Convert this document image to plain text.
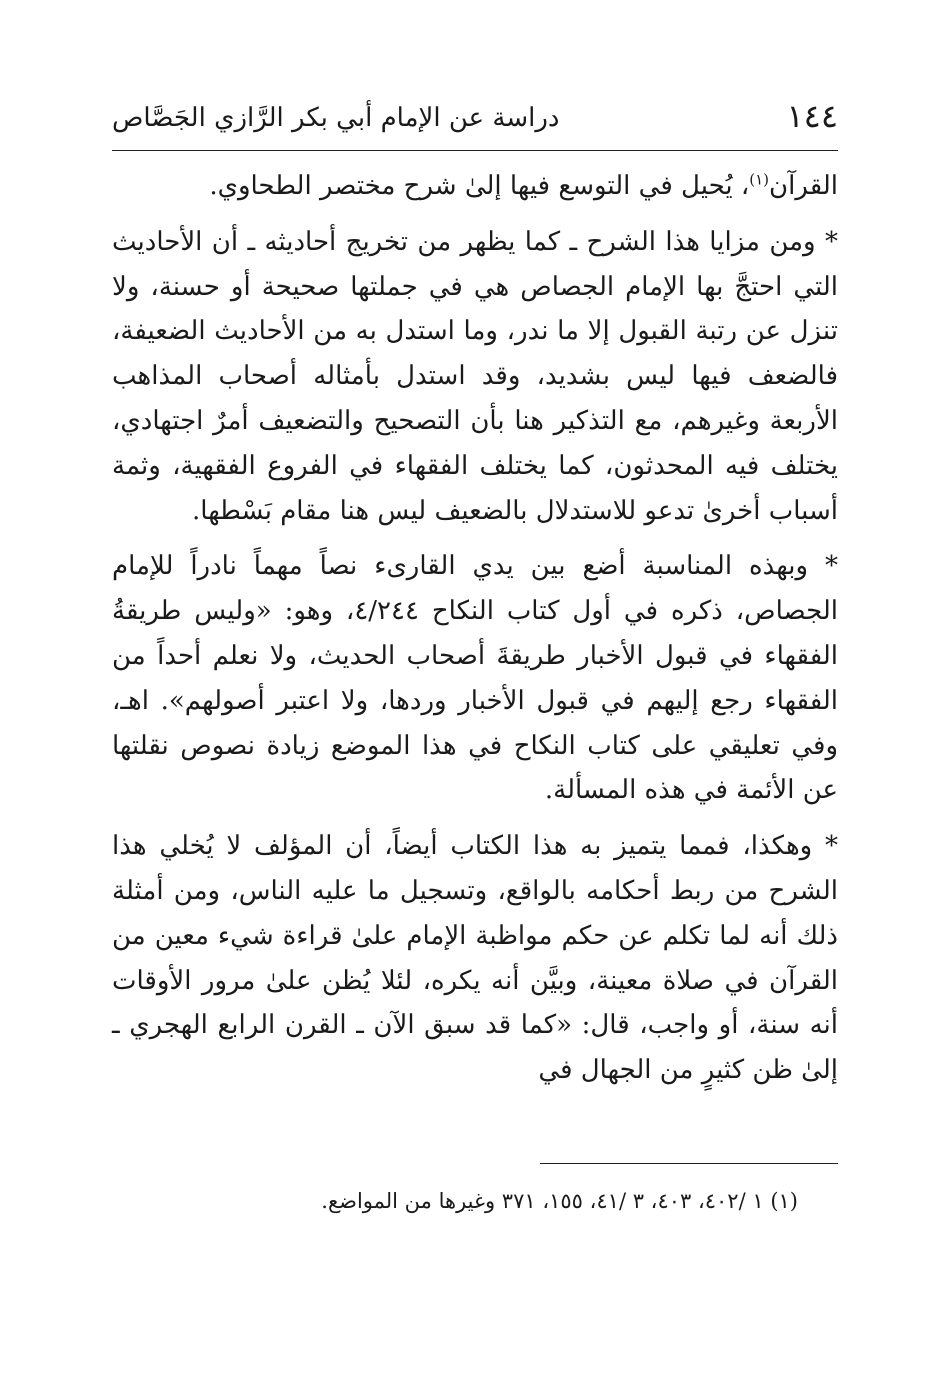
١٤٤
دراسة عن الإمام أبي بكر الرَّازي الجَصَّاص

القرآن$^{(١)}$، يُحيل في التوسع فيها إلىٰ شرح مختصر الطحاوي.

* ومن مزايا هذا الشرح ـ كما يظهر من تخريج أحاديثه ـ أن الأحاديث التي احتجَّ بها الإمام الجصاص هي في جملتها صحيحة أو حسنة، ولا تنزل عن رتبة القبول إلا ما ندر، وما استدل به من الأحاديث الضعيفة، فالضعف فيها ليس بشديد، وقد استدل بأمثاله أصحاب المذاهب الأربعة وغيرهم، مع التذكير هنا بأن التصحيح والتضعيف أمرٌ اجتهادي، يختلف فيه المحدثون، كما يختلف الفقهاء في الفروع الفقهية، وثمة أسباب أخرىٰ تدعو للاستدلال بالضعيف ليس هنا مقام بَسْطها.

* وبهذه المناسبة أضع بين يدي القارىء نصاً مهماً نادراً للإمام الجصاص، ذكره في أول كتاب النكاح ٤/٢٤٤، وهو: «وليس طريقةُ الفقهاء في قبول الأخبار طريقةَ أصحاب الحديث، ولا نعلم أحداً من الفقهاء رجع إليهم في قبول الأخبار وردها، ولا اعتبر أصولهم». اهـ، وفي تعليقي على كتاب النكاح في هذا الموضع زيادة نصوص نقلتها عن الأئمة في هذه المسألة.

* وهكذا، فمما يتميز به هذا الكتاب أيضاً، أن المؤلف لا يُخلي هذا الشرح من ربط أحكامه بالواقع، وتسجيل ما عليه الناس، ومن أمثلة ذلك أنه لما تكلم عن حكم مواظبة الإمام علىٰ قراءة شيء معين من القرآن في صلاة معينة، وبيَّن أنه يكره، لئلا يُظن علىٰ مرور الأوقات أنه سنة، أو واجب، قال: «كما قد سبق الآن ـ القرن الرابع الهجري ـ إلىٰ ظن كثيرٍ من الجهال في

(١) ١ /٤٠٢، ٤٠٣، ٣ /٤١، ١٥٥، ٣٧١ وغيرها من المواضع.
